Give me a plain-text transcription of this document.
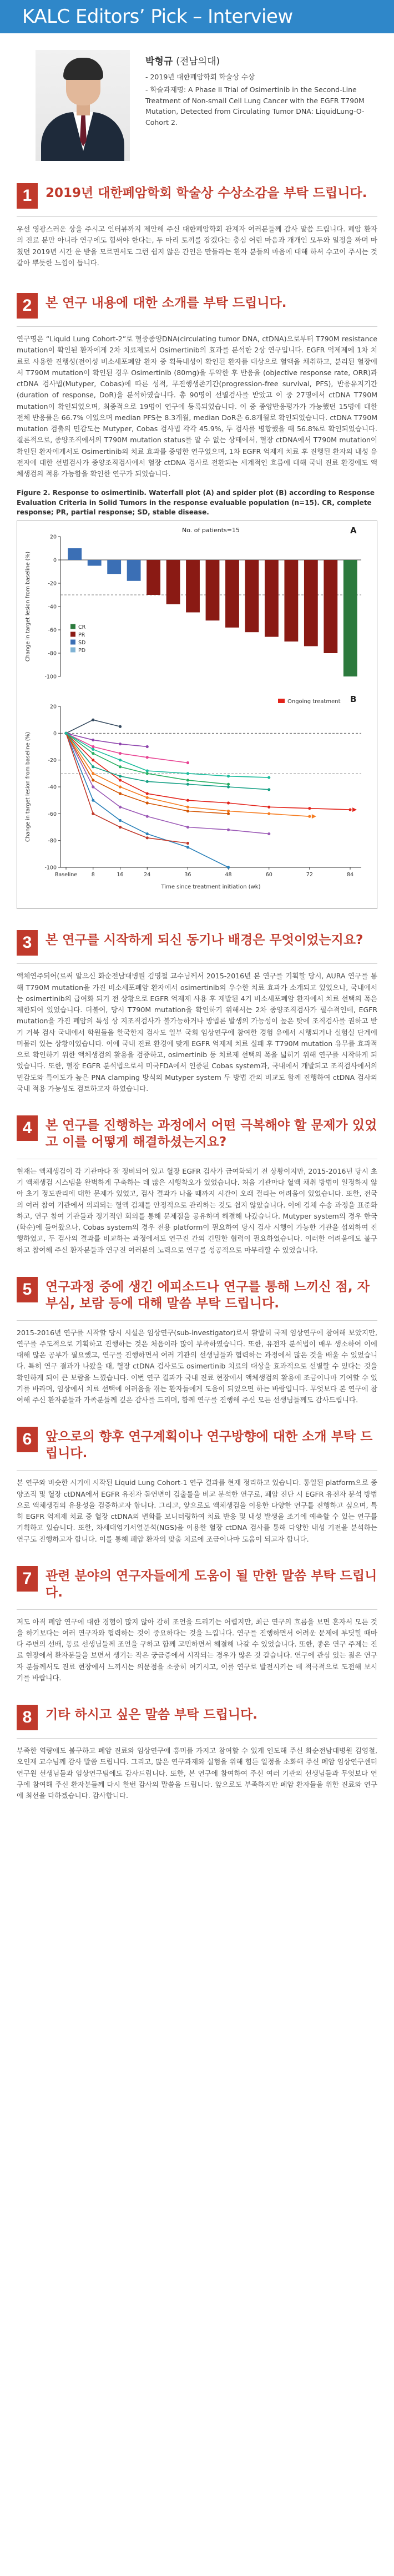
KALC Editors’ Pick – Interview
박형규 (전남의대)

- 2019년 대한폐암학회 학술상 수상

- 학술과제명: A Phase II Trial of Osimertinib in the Second-Line Treatment of Non-small Cell Lung Cancer with the EGFR T790M Mutation, Detected from Circulating Tumor DNA: LiquidLung-O-Cohort 2.

1	2019년 대한폐암학회 학술상 수상소감을 부탁 드립니다.

우선 영광스러운 상을 주시고 인터뷰까지 제안해 주신 대한폐암학회 관계자 여러분들께 감사 말씀 드립니다. 폐암 환자의 진료 분만 아니라 연구에도 힘써야 한다는, 두 마리 토끼를 잡겠다는 충심 어린 마음과 개개인 모두와 일정을 짜며 마쳤던 2019년 시간 운 받을 모르면서도 그런 쉽지 않은 간인은 만들라는 환자 분들의 마음에 대해 하셔 수고이 주시는 것 같아 뿌듯한 느낌이 듭니다.

2	본 연구 내용에 대한 소개를 부탁 드립니다.

연구명은 “Liquid Lung Cohort-2”로 혈중종양DNA(circulating tumor DNA, ctDNA)으로부터 T790M resistance mutation이 확인된 환자에게 2차 치료제로서 Osimertinib의 효과를 분석한 2상 연구입니다. EGFR 억제제에 1차 치료로 사용한 진행성(전이성 비소세포폐암 환자 중 획득내성이 확인된 환자를 대상으로 혈액을 채취하고, 분리된 혈장에서 T790M mutation이 확인된 경우 Osimertinib (80mg)을 투약한 후 반응율 (objective response rate, ORR)과 ctDNA 검사법(Mutyper, Cobas)에 따른 성적, 무진행생존기간(progression-free survival, PFS), 반응유지기간(duration of response, DoR)을 분석하였습니다. 총 90명이 선별검사를 받았고 이 중 27명에서 ctDNA T790M mutation이 확인되었으며, 최종적으로 19명이 연구에 등록되었습니다. 이 중 종양반응평가가 가능했던 15명에 대한 전체 반응률은 66.7% 이었으며 median PFS는 8.3개월, median DoR은 6.8개월로 확인되었습니다. ctDNA T790M mutation 검출의 민감도는 Mutyper, Cobas 검사법 각각 45.9%, 두 검사를 병합했을 때 56.8%로 확인되었습니다. 결론적으로, 종양조직에서의 T790M mutation status를 알 수 없는 상태에서, 혈장 ctDNA에서 T790M mutation이 확인된 환자에게서도 Osimertinib의 치료 효과를 증명한 연구였으며, 1차 EGFR 억제제 치료 후 진행된 환자의 내성 유전자에 대한 선별검사가 종양조직검사에서 혈장 ctDNA 검사로 전환되는 세계적인 흐름에 대해 국내 진료 환경에도 액체생검의 적용 가능함을 확인한 연구가 되었습니다.

Figure 2. Response to osimertinib. Waterfall plot (A) and spider plot (B) according to Response Evaluation Criteria in Solid Tumors in the response evaluable population (n=15). CR, complete response; PR, partial response; SD, stable disease.
A
No. of patients=15
20
0
-20
-40
-60
-80
-100
Change in target lesion from baseline (%)	CR
PR
SD
PD

B
Ongoing treatment
20
0
-20
-40
-60
-80
-100
Baseline	8	16	24	36	48	60	72	84
Time since treatment initiation (wk)
Change in target lesion from baseline (%)
3	본 연구를 시작하게 되신 동기나 배경은 무엇이었는지요?

액체연주되어(로써 알으신 화순전남대병원 김영철 교수님께서 2015-2016년 본 연구를 기획할 당시, AURA 연구를 통해 T790M mutation을 가진 비소세포폐암 환자에서 osimertinib의 우수한 치료 효과가 소개되고 있었으나, 국내에서는 osimertinib의 급여화 되기 전 상황으로 EGFR 억제제 사용 후 재발된 4기 비소세포폐암 환자에서 치료 선택의 폭은 제한되어 있었습니다. 더불어, 당시 T790M mutation을 확인하기 위해서는 2차 종양조직검사가 필수적인데, EGFR mutation을 가진 폐암의 특성 상 지조직검사가 불가능하거나 방법론 발생의 가능성이 높은 탓에 조직검사를 권하고 받기 거북 검사 국내에서 학원들을 한국한지 검사도 일부 국회 임상연구에 참여한 경험 유에서 시행되거나 실험실 단계에 머물러 있는 상황이었습니다. 이에 국내 진료 환경에 맞게 EGFR 억제제 치료 실패 후 T790M mutation 유무를 효과적으로 확인하기 위한 액체생검의 활용을 검증하고, osimertinib 등 치료제 선택의 폭을 넓히기 위해 연구를 시작하게 되었습니다. 또한, 혈장 EGFR 분석법으로서 미국FDA에서 인증된 Cobas system과, 국내에서 개발되고 조직검사에서의 민감도와 특이도가 높은 PNA clamping 방식의 Mutyper system 두 방법 간의 비교도 함께 진행하여 ctDNA 검사의 국내 적용 가능성도 검토하고자 하였습니다.

4	본 연구를 진행하는 과정에서 어떤 극복해야 할 문제가 있었고 이를 어떻게 해결하셨는지요?

현재는 액체생검이 각 기관마다 잘 정비되어 있고 혈장 EGFR 검사가 급여화되기 전 상황이지만, 2015-2016년 당시 초기 액체생검 시스템을 완벽하게 구축하는 데 많은 시행착오가 있었습니다. 처음 기관마다 혈액 채취 방법이 일정하지 않아 초기 정도관리에 대한 문제가 있었고, 검사 결과가 나올 때까지 시간이 오래 걸리는 어려움이 있었습니다. 또한, 전국의 여러 참여 기관에서 의뢰되는 혈액 검체를 안정적으로 관리하는 것도 쉽지 않았습니다. 이에 검체 수송 과정을 표준화하고, 연구 참여 기관들과 정기적인 회의를 통해 문제점을 공유하며 해결해 나갔습니다. Mutyper system의 경우 한국(화순)에 들어왔으나, Cobas system의 경우 전용 platform이 필요하여 당시 검사 시행이 가능한 기관을 섭외하여 진행하였고, 두 검사의 결과를 비교하는 과정에서도 연구진 간의 긴밀한 협력이 필요하였습니다. 이러한 어려움에도 불구하고 참여해 주신 환자분들과 연구진 여러분의 노력으로 연구를 성공적으로 마무리할 수 있었습니다.

5	연구과정 중에 생긴 에피소드나 연구를 통해 느끼신 점, 자부심, 보람 등에 대해 말씀 부탁 드립니다.

2015-2016년 연구를 시작할 당시 시설은 임상연구(sub-investigator)로서 활발히 국제 임상연구에 참여해 보았지만, 연구를 주도적으로 기획하고 진행하는 것은 처음이라 많이 부족하였습니다. 또한, 유전자 분석법이 매우 생소하여 이에 대해 많은 공부가 필요했고, 연구를 진행하면서 여러 기관의 선생님들과 협력하는 과정에서 많은 것을 배울 수 있었습니다. 특히 연구 결과가 나왔을 때, 혈장 ctDNA 검사로도 osimertinib 치료의 대상을 효과적으로 선별할 수 있다는 것을 확인하게 되어 큰 보람을 느꼈습니다. 이번 연구 결과가 국내 진료 현장에서 액체생검의 활용에 조금이나마 기여할 수 있기를 바라며, 임상에서 치료 선택에 어려움을 겪는 환자들에게 도움이 되었으면 하는 바람입니다. 무엇보다 본 연구에 참여해 주신 환자분들과 가족분들께 깊은 감사를 드리며, 함께 연구를 진행해 주신 모든 선생님들께도 감사드립니다.

6	앞으로의 향후 연구계획이나 연구방향에 대한 소개 부탁 드립니다.

본 연구와 비슷한 시기에 시작된 Liquid Lung Cohort-1 연구 결과를 현재 정리하고 있습니다. 통일된 platform으로 종양조직 및 혈장 ctDNA에서 EGFR 유전자 돌연변이 검출률을 비교 분석한 연구로, 폐암 진단 시 EGFR 유전자 분석 방법으로 액체생검의 유용성을 검증하고자 합니다. 그리고, 앞으로도 액체생검을 이용한 다양한 연구를 진행하고 싶으며, 특히 EGFR 억제제 치료 중 혈장 ctDNA의 변화를 모니터링하여 치료 반응 및 내성 발생을 조기에 예측할 수 있는 연구를 기획하고 있습니다. 또한, 차세대염기서열분석(NGS)을 이용한 혈장 ctDNA 검사를 통해 다양한 내성 기전을 분석하는 연구도 진행하고자 합니다. 이를 통해 폐암 환자의 맞춤 치료에 조금이나마 도움이 되고자 합니다.

7	관련 분야의 연구자들에게 도움이 될 만한 말씀 부탁 드립니다.

저도 아직 폐암 연구에 대한 경험이 많지 않아 감히 조언을 드리기는 어렵지만, 최근 연구의 흐름을 보면 혼자서 모든 것을 하기보다는 여러 연구자와 협력하는 것이 중요하다는 것을 느낍니다. 연구를 진행하면서 어려운 문제에 부딪힐 때마다 주변의 선배, 동료 선생님들께 조언을 구하고 함께 고민하면서 해결해 나갈 수 있었습니다. 또한, 좋은 연구 주제는 진료 현장에서 환자분들을 보면서 생기는 작은 궁금증에서 시작되는 경우가 많은 것 같습니다. 연구에 관심 있는 젊은 연구자 분들께서도 진료 현장에서 느끼시는 의문점을 소중히 여기시고, 이를 연구로 발전시키는 데 적극적으로 도전해 보시기를 바랍니다.

8	기타 하시고 싶은 말씀 부탁 드립니다.

부족한 역량에도 불구하고 폐암 진료와 임상연구에 흥미를 가지고 참여할 수 있게 인도해 주신 화순전남대병원 김영철, 오인재 교수님께 감사 말씀 드립니다. 그리고, 많은 연구과제와 실험을 위해 힘든 일정을 소화해 주신 폐암 임상연구센터 연구원 선생님들과 임상연구팀에도 감사드립니다. 또한, 본 연구에 참여하여 주신 여러 기관의 선생님들과 무엇보다 연구에 참여해 주신 환자분들께 다시 한번 감사의 말씀을 드립니다. 앞으로도 부족하지만 폐암 환자들을 위한 진료와 연구에 최선을 다하겠습니다. 감사합니다.
